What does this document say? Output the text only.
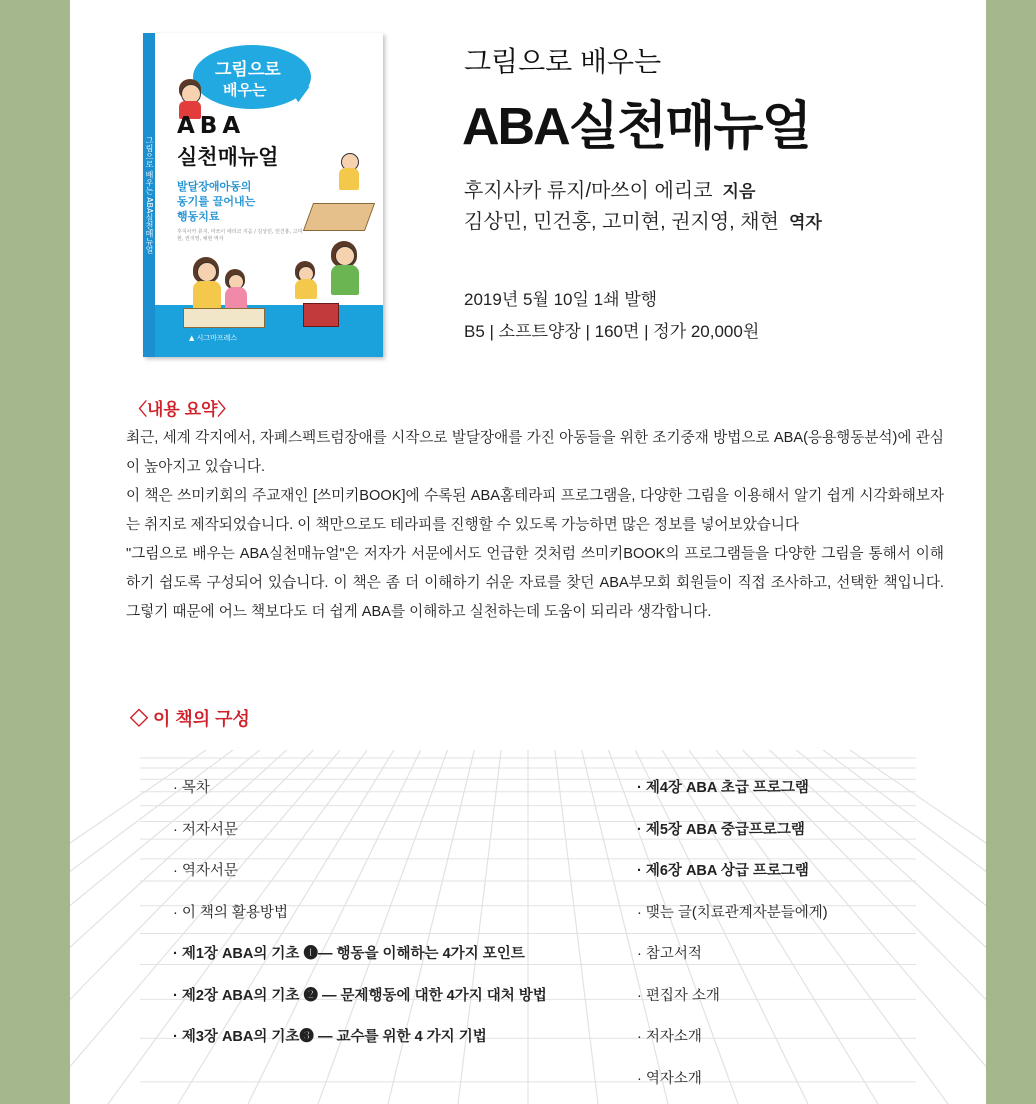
그림으로 배우는 ABA실천매뉴얼
그림으로
배우는
ABA
실천매뉴얼
발달장애아동의
동기를 끌어내는
행동치료
후지사카 류지, 마쓰이 에리코 지음 / 김상민, 민건홍, 고미현, 권지영, 채현 역자
▲ 시그마프레스
그림으로 배우는
ABA실천매뉴얼
후지사카 류지/마쓰이 에리코 지음
김상민, 민건홍, 고미현, 권지영, 채현 역자
2019년 5월 10일 1쇄 발행
B5 | 소프트양장 | 160면 | 정가 20,000원
〈내용 요약〉

최근, 세계 각지에서, 자폐스펙트럼장애를 시작으로 발달장애를 가진 아동들을 위한 조기중재 방법으로 ABA(응용행동분석)에 관심이 높아지고 있습니다.

이 책은 쓰미키회의 주교재인 [쓰미키BOOK]에 수록된 ABA홈테라피 프로그램을, 다양한 그림을 이용해서 알기 쉽게 시각화해보자는 취지로 제작되었습니다. 이 책만으로도 테라피를 진행할 수 있도록 가능하면 많은 정보를 넣어보았습니다

"그림으로 배우는 ABA실천매뉴얼"은 저자가 서문에서도 언급한 것처럼 쓰미키BOOK의 프로그램들을 다양한 그림을 통해서 이해하기 쉽도록 구성되어 있습니다. 이 책은 좀 더 이해하기 쉬운 자료를 찾던 ABA부모회 회원들이 직접 조사하고, 선택한 책입니다. 그렇기 때문에 어느 책보다도 더 쉽게 ABA를 이해하고 실천하는데 도움이 되리라 생각합니다.

◇ 이 책의 구성
· 목차
· 저자서문
· 역자서문
· 이 책의 활용방법
· 제1장 ABA의 기초 ❶― 행동을 이해하는 4가지 포인트
· 제2장 ABA의 기초 ❷ ― 문제행동에 대한 4가지 대처 방법
· 제3장 ABA의 기초❸ ― 교수를 위한 4 가지 기법
· 제4장 ABA 초급 프로그램
· 제5장 ABA 중급프로그램
· 제6장 ABA 상급 프로그램
· 맺는 글(치료관계자분들에게)
· 참고서적
· 편집자 소개
· 저자소개
· 역자소개
